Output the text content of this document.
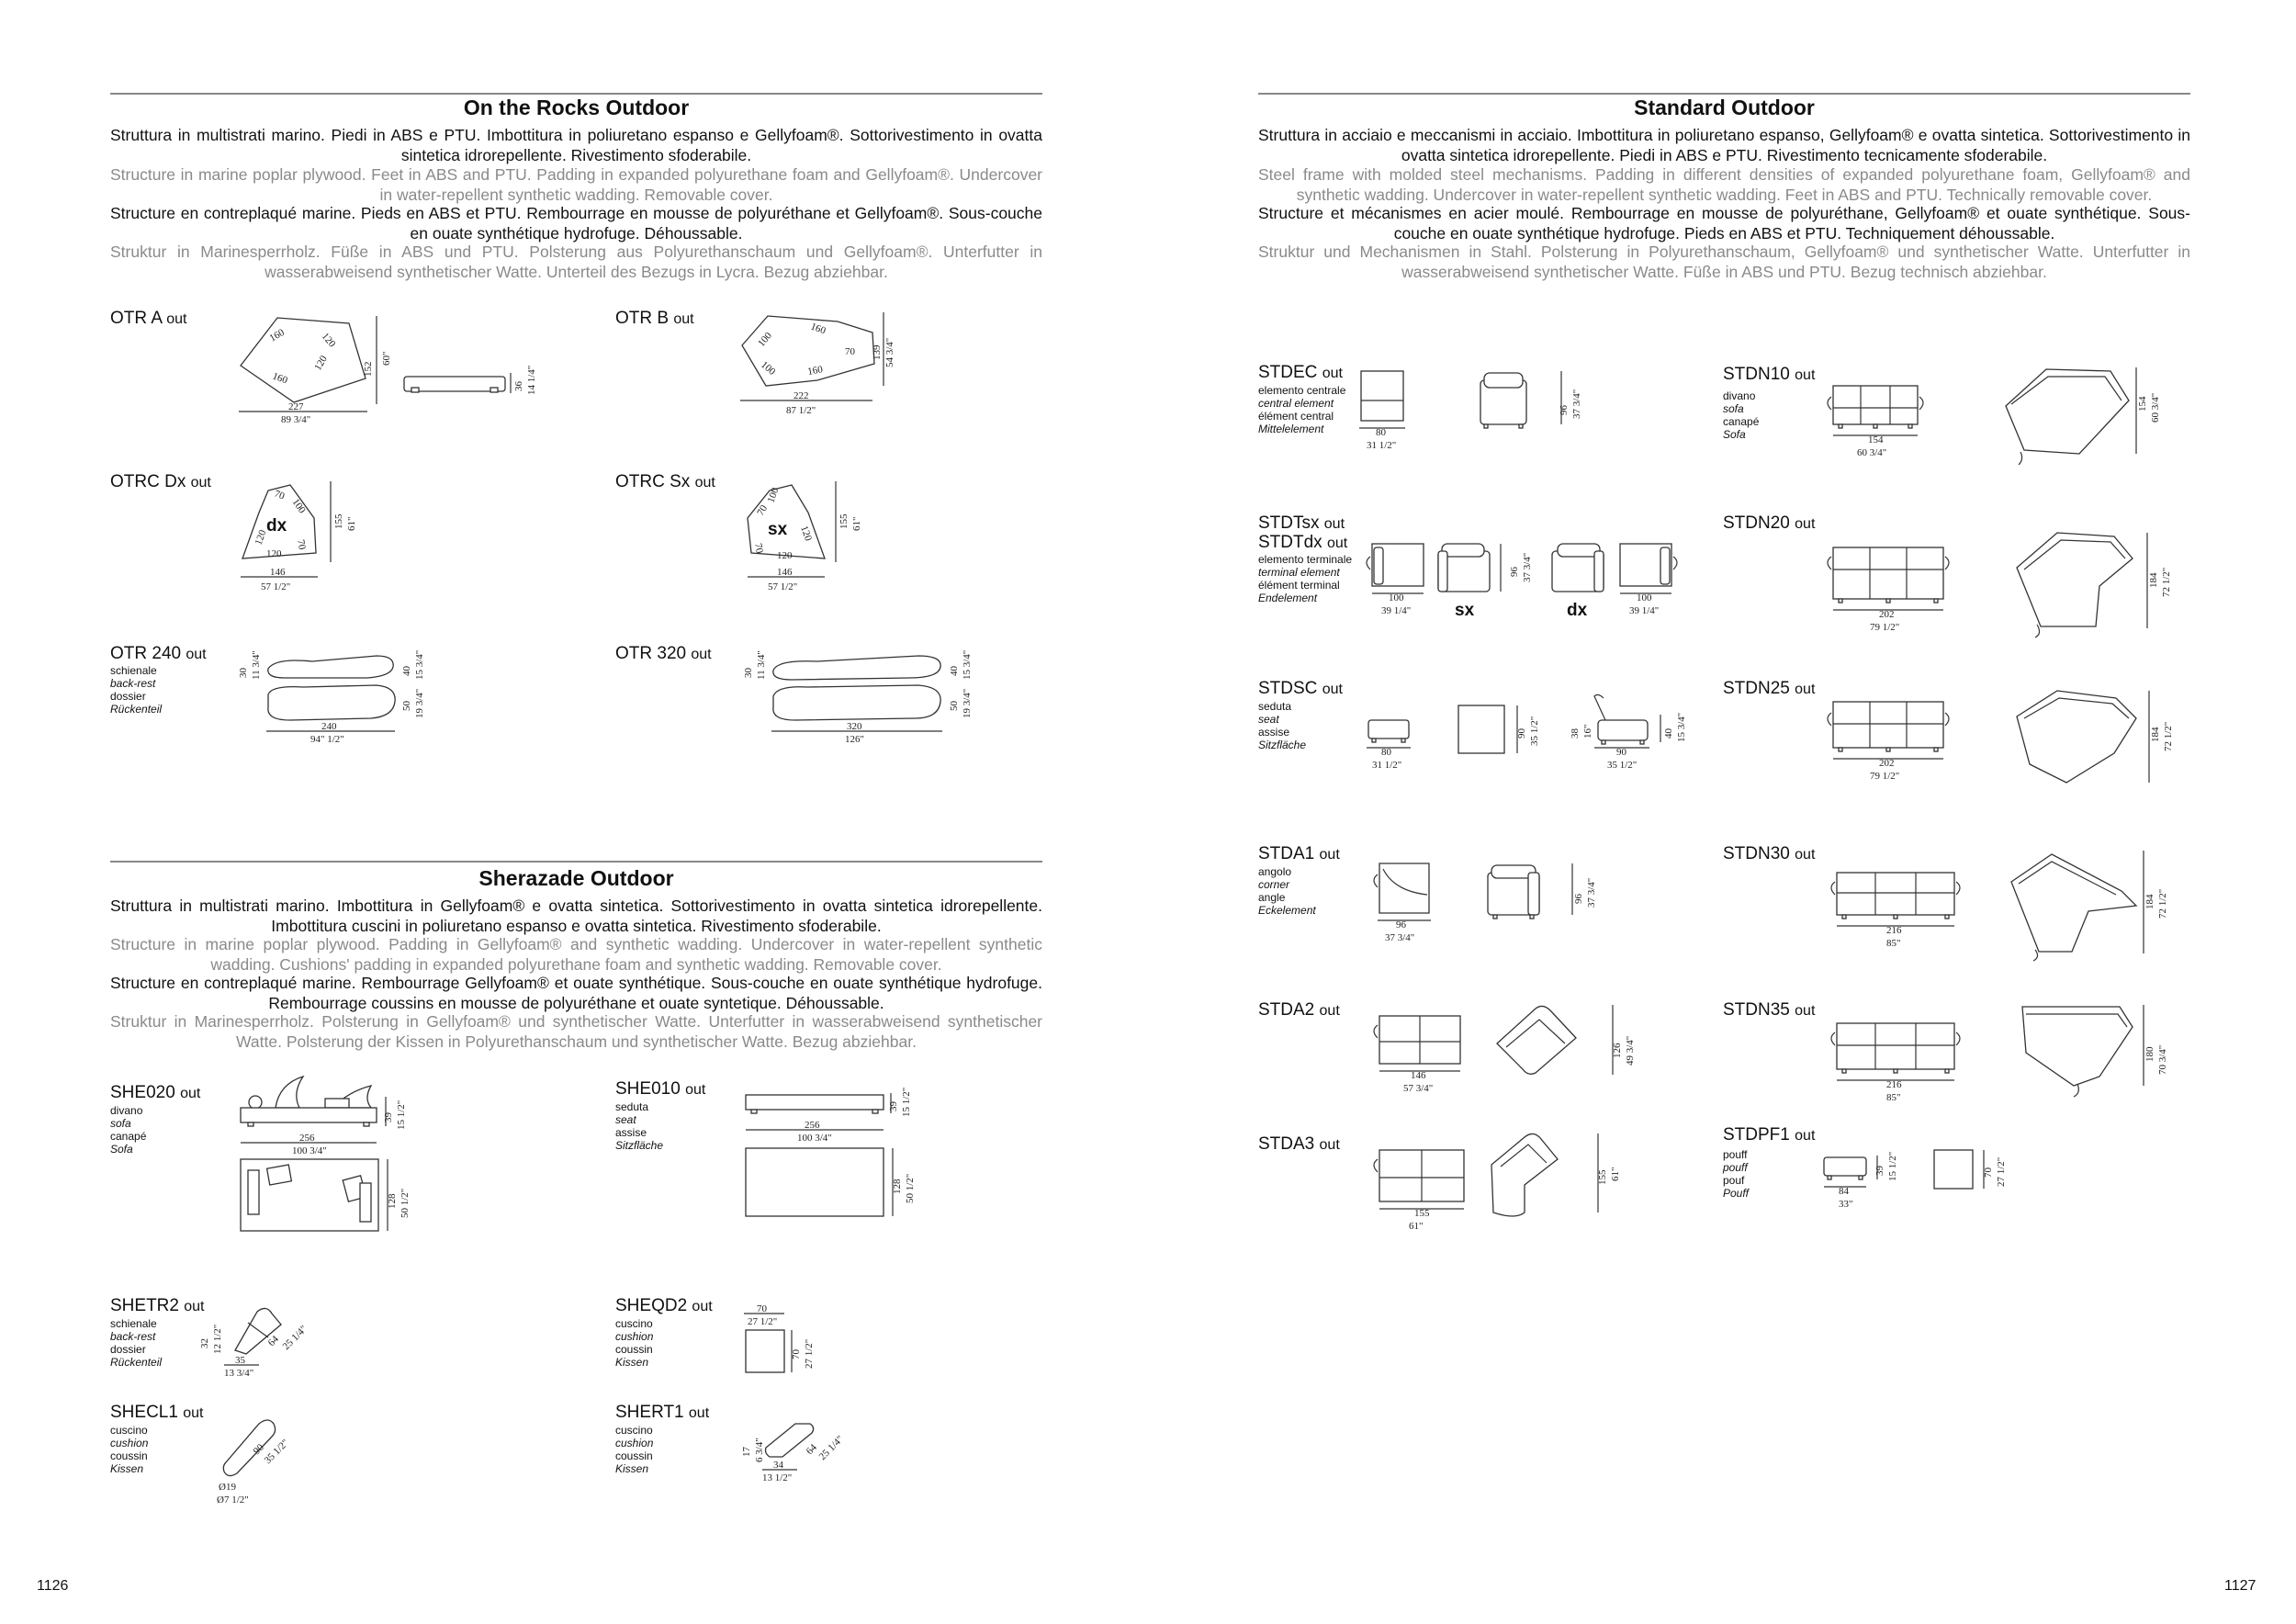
1126	1127
On the Rocks Outdoor

Struttura in multistrati marino. Piedi in ABS e PTU. Imbottitura in poliuretano espanso e Gellyfoam®. Sottorivestimento in ovatta sintetica idrorepellente. Rivestimento sfoderabile.

Structure in marine poplar plywood. Feet in ABS and PTU. Padding in expanded polyurethane foam and Gellyfoam®. Undercover in water-repellent synthetic wadding. Removable cover.

Structure en contreplaqué marine. Pieds en ABS et PTU. Rembourrage en mousse de polyuréthane et Gellyfoam®. Sous-couche en ouate synthétique hydrofuge. Déhoussable.

Struktur in Marinesperrholz. Füße in ABS und PTU. Polsterung aus Polyurethanschaum und Gellyfoam®. Unterfutter in wasserabweisend synthetischer Watte. Unterteil des Bezugs in Lycra. Bezug abziehbar.

OTR A out
160	120
120
160
152
60"
227
89 3/4"
36 14 1/4"
OTR B out
100
160
70
100	160
139 54 3/4"
222
87 1/2"
OTRC Dx out
dx
70
100
120	70
120
155 61"
146
57 1/2"
OTRC Sx out
sx
70
100
120
70
120
155 61"
146
57 1/2"
OTR 240 out
schienale
back-rest
dossier
Rückenteil
30 11 3/4"	40 15 3/4"
50 19 3/4"
240
94" 1/2"
OTR 320 out
30 11 3/4"	40 15 3/4"
50 19 3/4"
320
126"
Sherazade Outdoor

Struttura in multistrati marino. Imbottitura in Gellyfoam® e ovatta sintetica. Sottorivestimento in ovatta sintetica idrorepellente. Imbottitura cuscini in poliuretano espanso e ovatta sintetica. Rivestimento sfoderabile.

Structure in marine poplar plywood. Padding in Gellyfoam® and synthetic wadding. Undercover in water-repellent synthetic wadding. Cushions' padding in expanded polyurethane foam and synthetic wadding. Removable cover.

Structure en contreplaqué marine. Rembourrage Gellyfoam® et ouate synthétique. Sous-couche en ouate synthétique hydrofuge. Rembourrage coussins en mousse de polyuréthane et ouate syntetique. Déhoussable.

Struktur in Marinesperrholz. Polsterung in Gellyfoam® und synthetischer Watte. Unterfutter in wasserabweisend synthetischer Watte. Polsterung der Kissen in Polyurethanschaum und synthetischer Watte. Bezug abziehbar.

SHE020 out
divano
sofa
canapé
Sofa
39 15 1/2"
256
100 3/4"
128 50 1/2"
SHE010 out
seduta
seat
assise
Sitzfläche
39 15 1/2"
256
100 3/4"
128 50 1/2"
SHETR2 out
schienale
back-rest
dossier
Rückenteil
32 12 1/2"	64 25 1/4"
35
13 3/4"
SHEQD2 out
cuscino
cushion
coussin
Kissen
70
27 1/2"
70 27 1/2"
SHECL1 out
cuscino
cushion
coussin
Kissen
90
35 1/2"
Ø19
Ø7 1/2"
SHERT1 out
cuscino
cushion
coussin
Kissen
17 6 3/4"	64
25 1/4"
34
13 1/2"
Standard Outdoor

Struttura in acciaio e meccanismi in acciaio. Imbottitura in poliuretano espanso, Gellyfoam® e ovatta sintetica. Sottorivestimento in ovatta sintetica idrorepellente. Piedi in ABS e PTU. Rivestimento tecnicamente sfoderabile.

Steel frame with molded steel mechanisms. Padding in different densities of expanded polyurethane foam, Gellyfoam® and synthetic wadding. Undercover in water-repellent synthetic wadding. Feet in ABS and PTU. Technically removable cover.

Structure et mécanismes en acier moulé. Rembourrage en mousse de polyuréthane, Gellyfoam® et ouate synthétique. Sous-couche en ouate synthétique hydrofuge. Pieds en ABS et PTU. Techniquement déhoussable.

Struktur und Mechanismen in Stahl. Polsterung in Polyurethanschaum, Gellyfoam® und synthetischer Watte. Unterfutter in wasserabweisend synthetischer Watte. Füße in ABS und PTU. Bezug technisch abziehbar.

STDEC out
elemento centrale
central element
élément central
Mittelelement	80
31 1/2"
96 37 3/4"
STDTsx out
STDTdx out
elemento terminale
terminal element
élément terminal
Endelement	100
39 1/4"	sx
96 37 3/4"
dx
100
39 1/4"
STDSC out
seduta
seat
assise
Sitzfläche
80
31 1/2"
90 35 1/2"	38 16"	40 15 3/4"
90
35 1/2"
STDA1 out
angolo
corner
angle
Eckelement
96
37 3/4"
96 37 3/4"
STDA2 out
146
57 3/4"
126 49 3/4"
STDA3 out
155
61"
155 61"
STDN10 out
divano
sofa
canapé
Sofa	154
60 3/4"
154 60 3/4"
STDN20 out
202
79 1/2"
184 72 1/2"
STDN25 out
202
79 1/2"
184 72 1/2"
STDN30 out
216
85"
184 72 1/2"
STDN35 out
216
85"
180 70 3/4"
STDPF1 out
pouff
pouff
pouf
Pouff
39 15 1/2"
84
33"
70 27 1/2"
